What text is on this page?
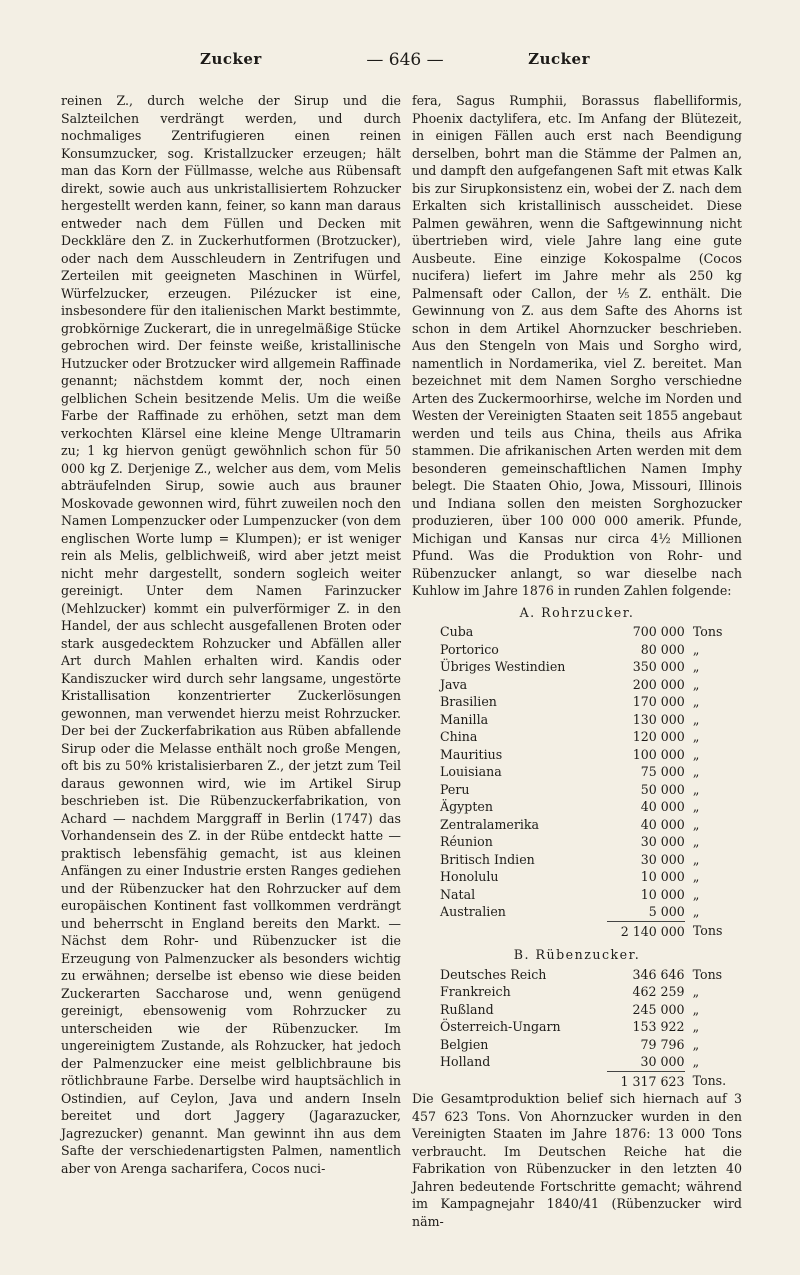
Zucker	— 646 —	Zucker

reinen Z., durch welche der Sirup und die Salzteilchen verdrängt werden, und durch nochmaliges Zentrifugieren einen reinen Konsumzucker, sog. Kristallzucker erzeugen; hält man das Korn der Füllmasse, welche aus Rübensaft direkt, sowie auch aus unkristallisiertem Rohzucker hergestellt werden kann, feiner, so kann man daraus entweder nach dem Füllen und Decken mit Deckkläre den Z. in Zuckerhutformen (Brotzucker), oder nach dem Ausschleudern in Zentrifugen und Zerteilen mit geeigneten Maschinen in Würfel, Würfelzucker, erzeugen. Pilézucker ist eine, insbesondere für den italienischen Markt bestimmte, grobkörnige Zuckerart, die in unregelmäßige Stücke gebrochen wird. Der feinste weiße, kristallinische Hutzucker oder Brotzucker wird allgemein Raffinade genannt; nächstdem kommt der, noch einen gelblichen Schein besitzende Melis. Um die weiße Farbe der Raffinade zu erhöhen, setzt man dem verkochten Klärsel eine kleine Menge Ultramarin zu; 1 kg hiervon genügt gewöhnlich schon für 50 000 kg Z. Derjenige Z., welcher aus dem, vom Melis abträufelnden Sirup, sowie auch aus brauner Moskovade gewonnen wird, führt zuweilen noch den Namen Lompenzucker oder Lumpenzucker (von dem englischen Worte lump = Klumpen); er ist weniger rein als Melis, gelblichweiß, wird aber jetzt meist nicht mehr dargestellt, sondern sogleich weiter gereinigt. Unter dem Namen Farinzucker (Mehlzucker) kommt ein pulverförmiger Z. in den Handel, der aus schlecht ausgefallenen Broten oder stark ausgedecktem Rohzucker und Abfällen aller Art durch Mahlen erhalten wird. Kandis oder Kandiszucker wird durch sehr langsame, ungestörte Kristallisation konzentrierter Zuckerlösungen gewonnen, man verwendet hierzu meist Rohrzucker. Der bei der Zuckerfabrikation aus Rüben abfallende Sirup oder die Melasse enthält noch große Mengen, oft bis zu 50% kristalisierbaren Z., der jetzt zum Teil daraus gewonnen wird, wie im Artikel Sirup beschrieben ist. Die Rübenzuckerfabrikation, von Achard — nachdem Marggraff in Berlin (1747) das Vorhandensein des Z. in der Rübe entdeckt hatte — praktisch lebensfähig gemacht, ist aus kleinen Anfängen zu einer Industrie ersten Ranges gediehen und der Rübenzucker hat den Rohrzucker auf dem europäischen Kontinent fast vollkommen verdrängt und beherrscht in England bereits den Markt. — Nächst dem Rohr- und Rübenzucker ist die Erzeugung von Palmenzucker als besonders wichtig zu erwähnen; derselbe ist ebenso wie diese beiden Zuckerarten Saccharose und, wenn genügend gereinigt, ebensowenig vom Rohrzucker zu unterscheiden wie der Rübenzucker. Im ungereinigtem Zustande, als Rohzucker, hat jedoch der Palmenzucker eine meist gelblichbraune bis rötlichbraune Farbe. Derselbe wird hauptsächlich in Ostindien, auf Ceylon, Java und andern Inseln bereitet und dort Jaggery (Jagarazucker, Jagrezucker) genannt. Man gewinnt ihn aus dem Safte der verschiedenartigsten Palmen, namentlich aber von Arenga sacharifera, Cocos nuci-

fera, Sagus Rumphii, Borassus flabelliformis, Phoenix dactylifera, etc. Im Anfang der Blütezeit, in einigen Fällen auch erst nach Beendigung derselben, bohrt man die Stämme der Palmen an, und dampft den aufgefangenen Saft mit etwas Kalk bis zur Sirupkonsistenz ein, wobei der Z. nach dem Erkalten sich kristallinisch ausscheidet. Diese Palmen gewähren, wenn die Saftgewinnung nicht übertrieben wird, viele Jahre lang eine gute Ausbeute. Eine einzige Kokospalme (Cocos nucifera) liefert im Jahre mehr als 250 kg Palmensaft oder Callon, der ⅕ Z. enthält. Die Gewinnung von Z. aus dem Safte des Ahorns ist schon in dem Artikel Ahornzucker beschrieben. Aus den Stengeln von Mais und Sorgho wird, namentlich in Nordamerika, viel Z. bereitet. Man bezeichnet mit dem Namen Sorgho verschiedne Arten des Zuckermoorhirse, welche im Norden und Westen der Vereinigten Staaten seit 1855 angebaut werden und teils aus China, theils aus Afrika stammen. Die afrikanischen Arten werden mit dem besonderen gemeinschaftlichen Namen Imphy belegt. Die Staaten Ohio, Jowa, Missouri, Illinois und Indiana sollen den meisten Sorghozucker produzieren, über 100 000 000 amerik. Pfunde, Michigan und Kansas nur circa 4½ Millionen Pfund. Was die Produktion von Rohr- und Rübenzucker anlangt, so war dieselbe nach Kuhlow im Jahre 1876 in runden Zahlen folgende:

A. Rohrzucker.
Cuba	700 000	Tons
Portorico	80 000	„
Übriges Westindien	350 000	„
Java	200 000	„
Brasilien	170 000	„
Manilla	130 000	„
China	120 000	„
Mauritius	100 000	„
Louisiana	75 000	„
Peru	50 000	„
Ägypten	40 000	„
Zentralamerika	40 000	„
Réunion	30 000	„
Britisch Indien	30 000	„
Honolulu	10 000	„
Natal	10 000	„
Australien	5 000	„
	2 140 000	Tons
B. Rübenzucker.
Deutsches Reich	346 646	Tons
Frankreich	462 259	„
Rußland	245 000	„
Österreich-Ungarn	153 922	„
Belgien	79 796	„
Holland	30 000	„
	1 317 623	Tons.

Die Gesamtproduktion belief sich hiernach auf 3 457 623 Tons. Von Ahornzucker wurden in den Vereinigten Staaten im Jahre 1876: 13 000 Tons verbraucht. Im Deutschen Reiche hat die Fabrikation von Rübenzucker in den letzten 40 Jahren bedeutende Fortschritte gemacht; während im Kampagnejahr 1840/41 (Rübenzucker wird näm-
